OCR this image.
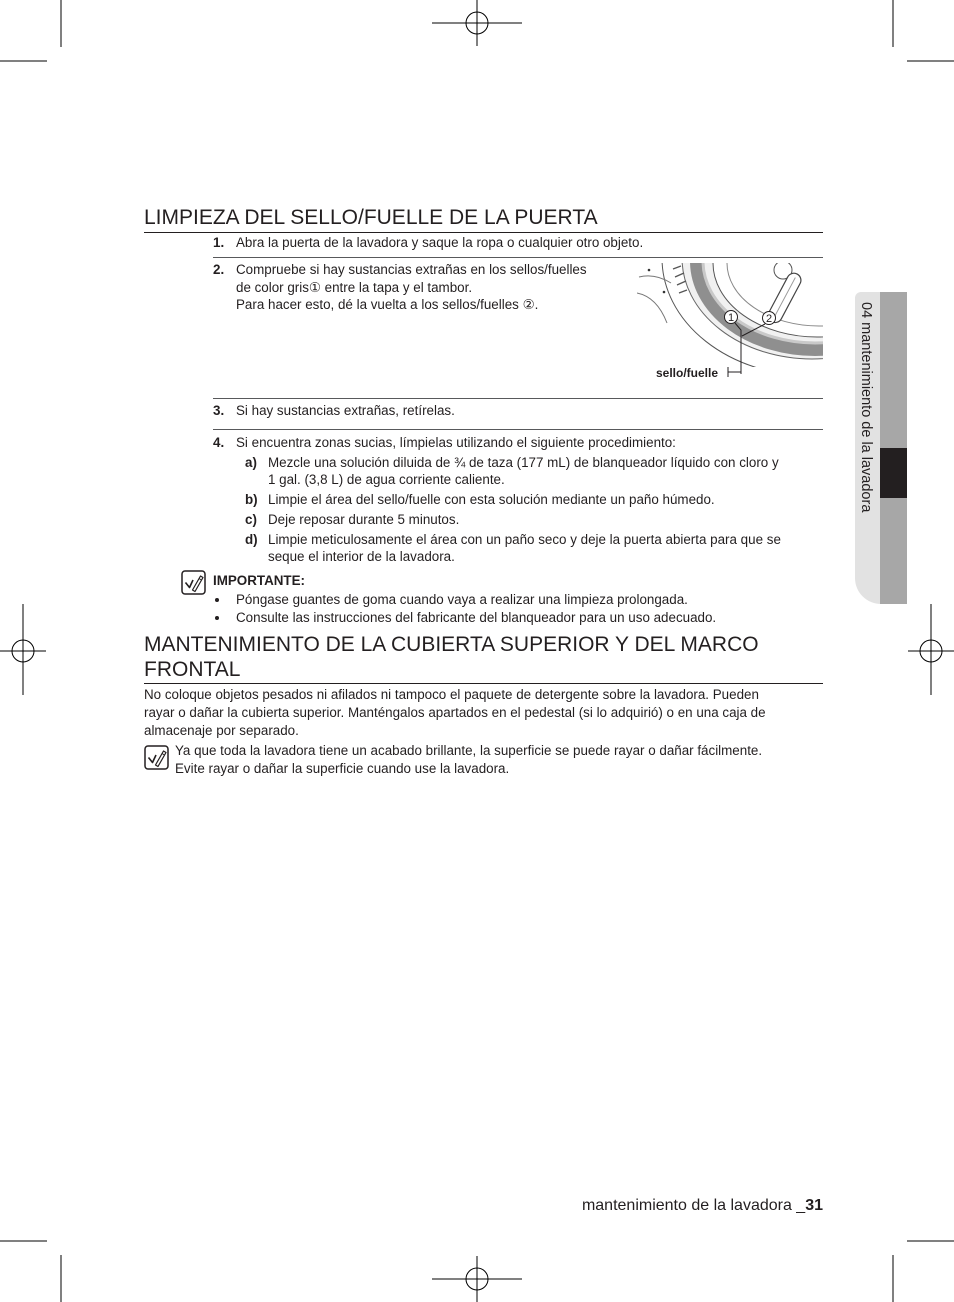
04 mantenimiento de la lavadora
LIMPIEZA DEL SELLO/FUELLE DE LA PUERTA
1. Abra la puerta de la lavadora y saque la ropa o cualquier otro objeto.
2. Compruebe si hay sustancias extrañas en los sellos/fuelles
de color gris① entre la tapa y el tambor.
Para hacer esto, dé la vuelta a los sellos/fuelles ②.
1	2
sello/fuelle
3. Si hay sustancias extrañas, retírelas.
4. Si encuentra zonas sucias, límpielas utilizando el siguiente procedimiento:
a) Mezcle una solución diluida de ¾ de taza (177 mL) de blanqueador líquido con cloro y
1 gal. (3,8 L) de agua corriente caliente.
b) Limpie el área del sello/fuelle con esta solución mediante un paño húmedo.
c) Deje reposar durante 5 minutos.
d) Limpie meticulosamente el área con un paño seco y deje la puerta abierta para que se
seque el interior de la lavadora.
IMPORTANTE:
Póngase guantes de goma cuando vaya a realizar una limpieza prolongada.
Consulte las instrucciones del fabricante del blanqueador para un uso adecuado.
MANTENIMIENTO DE LA CUBIERTA SUPERIOR Y DEL MARCO
FRONTAL
No coloque objetos pesados ni afilados ni tampoco el paquete de detergente sobre la lavadora. Pueden
rayar o dañar la cubierta superior. Manténgalos apartados en el pedestal (si lo adquirió) o en una caja de
almacenaje por separado.
Ya que toda la lavadora tiene un acabado brillante, la superficie se puede rayar o dañar fácilmente.
Evite rayar o dañar la superficie cuando use la lavadora.
mantenimiento de la lavadora _31
